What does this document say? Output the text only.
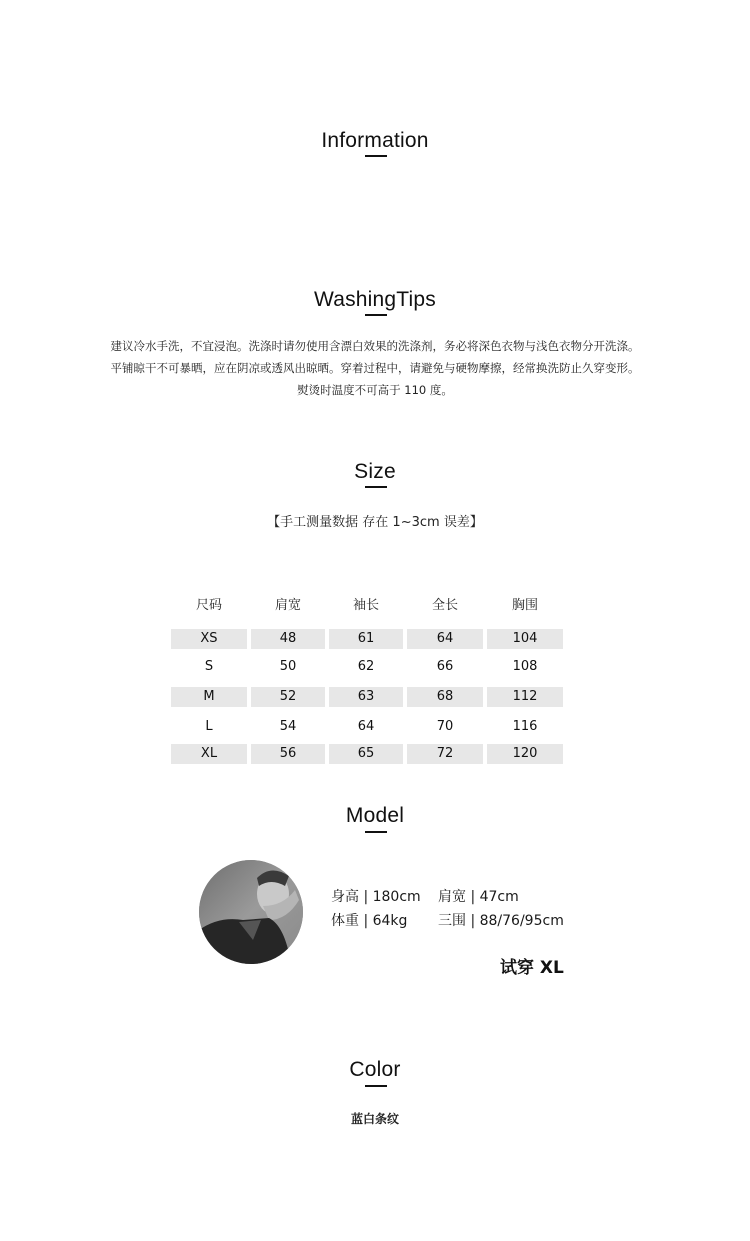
Information
WashingTips
建议冷水手洗，不宜浸泡。洗涤时请勿使用含漂白效果的洗涤剂，务必将深色衣物与浅色衣物分开洗涤。
平铺晾干不可暴晒，应在阴凉或透风出晾晒。穿着过程中，请避免与硬物摩擦，经常换洗防止久穿变形。
熨烫时温度不可高于 110 度。
Size
【手工测量数据 存在 1~3cm 误差】
尺码	肩宽	袖长	全长	胸围
XS	48	61	64	104
S	50	62	66	108
M	52	63	68	112
L	54	64	70	116
XL	56	65	72	120
Model
身高 | 180cm 肩宽 | 47cm
体重 | 64kg 三围 | 88/76/95cm
试穿 XL
Color
蓝白条纹
